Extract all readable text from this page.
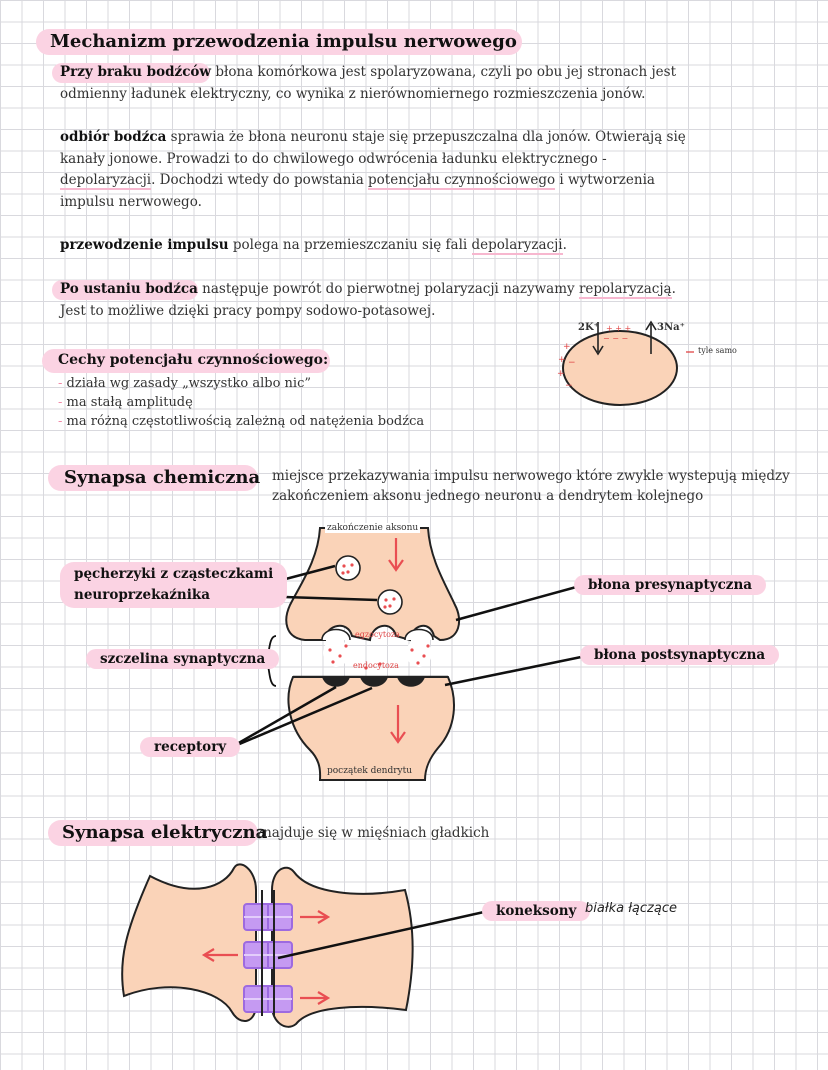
Mechanizm przewodzenia impulsu nerwowego
Przy braku bodźców błona komórkowa jest spolaryzowana, czyli po obu jej stronach jest
odmienny ładunek elektryczny, co wynika z nierównomiernego rozmieszczenia jonów.
odbiór bodźca sprawia że błona neuronu staje się przepuszczalna dla jonów. Otwierają się
kanały jonowe. Prowadzi to do chwilowego odwrócenia ładunku elektrycznego -
depolaryzacji. Dochodzi wtedy do powstania potencjału czynnościowego i wytworzenia
impulsu nerwowego.
przewodzenie impulsu polega na przemieszczaniu się fali depolaryzacji.
Po ustaniu bodźca następuje powrót do pierwotnej polaryzacji nazywamy repolaryzacją.
Jest to możliwe dzięki pracy pompy sodowo-potasowej.
Cechy potencjału czynnościowego:
- działa wg zasady „wszystko albo nic”
- ma stałą amplitudę
- ma różną częstotliwością zależną od natężenia bodźca
+
+
+
−
−
2K⁺	3Na⁺
+ + +
− − −
tyle samo
Synapsa chemiczna miejsce przekazywania impulsu nerwowego które zwykle wystepują między
zakończeniem aksonu jednego neuronu a dendrytem kolejnego
zakończenie aksonu
pęcherzyki z cząsteczkami
neuroprzekaźnika
błona presynaptyczna
egzocytoza
szczelina synaptyczna	błona postsynaptyczna
endocytoza
receptory
początek dendrytu
Synapsa elektryczna
znajduje się w mięśniach gładkich
koneksony białka łączące
